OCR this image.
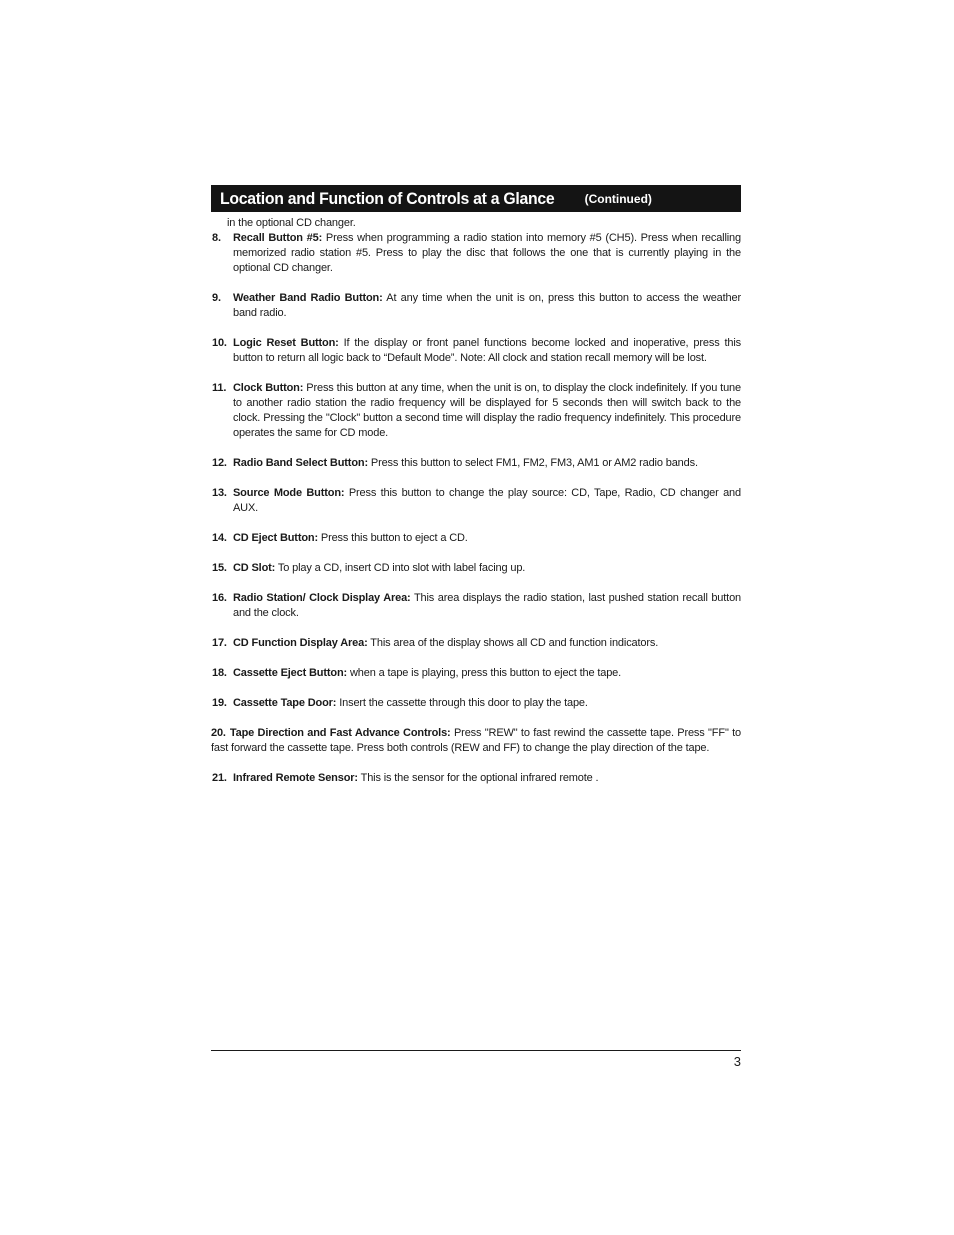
Location and Function of Controls at a Glance	(Continued)

in the optional CD changer.

8. Recall Button #5: Press when programming a radio station into memory #5 (CH5). Press when recalling memorized radio station #5. Press to play the disc that follows the one that is currently playing in the optional CD changer.
9. Weather Band Radio Button: At any time when the unit is on, press this button to access the weather band radio.
10. Logic Reset Button: If the display or front panel functions become locked and inoperative, press this button to return all logic back to “Default Mode”. Note: All clock and station recall memory will be lost.
11. Clock Button: Press this button at any time, when the unit is on, to display the clock indefinitely. If you tune to another radio station the radio frequency will be displayed for 5 seconds then will switch back to the clock. Pressing the "Clock" button a second time will display the radio frequency indefinitely. This procedure operates the same for CD mode.
12. Radio Band Select Button: Press this button to select FM1, FM2, FM3, AM1 or AM2 radio bands.
13. Source Mode Button: Press this button to change the play source: CD, Tape, Radio, CD changer and AUX.
14. CD Eject Button: Press this button to eject a CD.
15. CD Slot: To play a CD, insert CD into slot with label facing up.
16. Radio Station/ Clock Display Area: This area displays the radio station, last pushed station recall button and the clock.
17. CD Function Display Area: This area of the display shows all CD and function indicators.
18. Cassette Eject Button: when a tape is playing, press this button to eject the tape.
19. Cassette Tape Door: Insert the cassette through this door to play the tape.
20. Tape Direction and Fast Advance Controls: Press "REW" to fast rewind the cassette tape. Press "FF" to fast forward the cassette tape. Press both controls (REW and FF) to change the play direction of the tape.
21. Infrared Remote Sensor: This is the sensor for the optional infrared remote .
3
